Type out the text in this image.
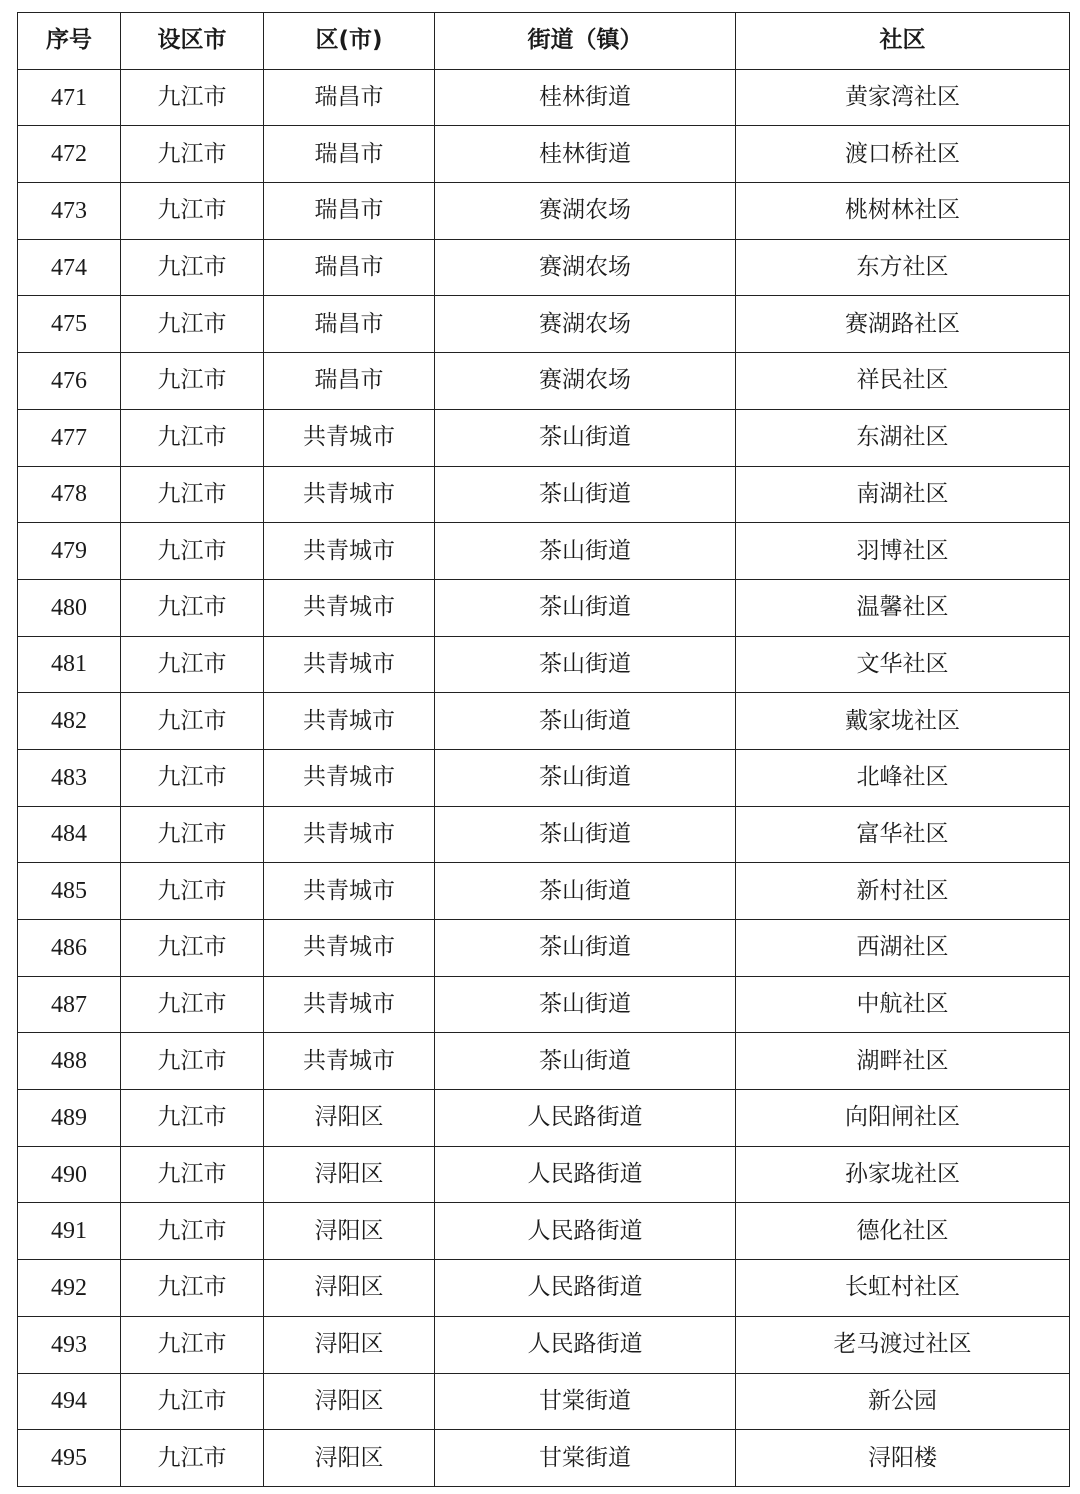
序号	设区市	区(市)	街道（镇）	社区
471	九江市	瑞昌市	桂林街道	黄家湾社区
472	九江市	瑞昌市	桂林街道	渡口桥社区
473	九江市	瑞昌市	赛湖农场	桃树林社区
474	九江市	瑞昌市	赛湖农场	东方社区
475	九江市	瑞昌市	赛湖农场	赛湖路社区
476	九江市	瑞昌市	赛湖农场	祥民社区
477	九江市	共青城市	茶山街道	东湖社区
478	九江市	共青城市	茶山街道	南湖社区
479	九江市	共青城市	茶山街道	羽博社区
480	九江市	共青城市	茶山街道	温馨社区
481	九江市	共青城市	茶山街道	文华社区
482	九江市	共青城市	茶山街道	戴家垅社区
483	九江市	共青城市	茶山街道	北峰社区
484	九江市	共青城市	茶山街道	富华社区
485	九江市	共青城市	茶山街道	新村社区
486	九江市	共青城市	茶山街道	西湖社区
487	九江市	共青城市	茶山街道	中航社区
488	九江市	共青城市	茶山街道	湖畔社区
489	九江市	浔阳区	人民路街道	向阳闸社区
490	九江市	浔阳区	人民路街道	孙家垅社区
491	九江市	浔阳区	人民路街道	德化社区
492	九江市	浔阳区	人民路街道	长虹村社区
493	九江市	浔阳区	人民路街道	老马渡过社区
494	九江市	浔阳区	甘棠街道	新公园
495	九江市	浔阳区	甘棠街道	浔阳楼
